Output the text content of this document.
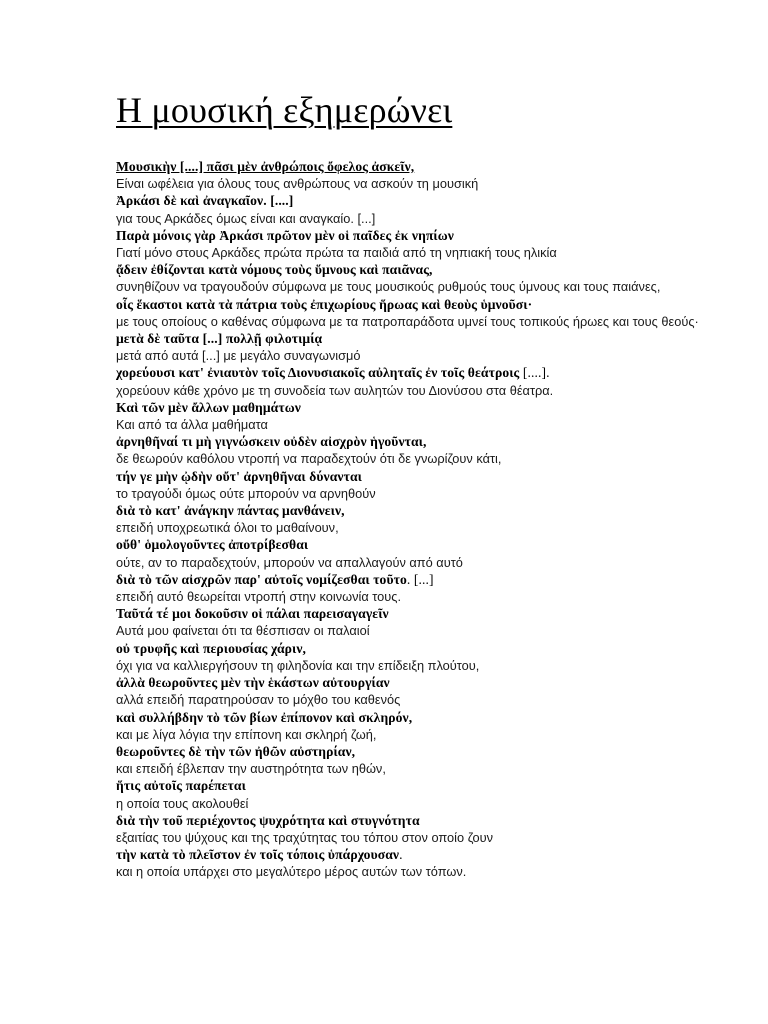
Η μουσική εξημερώνει
Μουσικὴν [....] πᾶσι μὲν ἀνθρώποις ὄφελος ἀσκεῖν,
Είναι ωφέλεια για όλους τους ανθρώπους να ασκούν τη μουσική
Ἀρκάσι δὲ καὶ ἀναγκαῖον. [....]
για τους Αρκάδες όμως είναι και αναγκαίο. [...]
Παρὰ μόνοις γὰρ Ἀρκάσι πρῶτον μὲν οἱ παῖδες ἐκ νηπίων
Γιατί μόνο στους Αρκάδες πρώτα πρώτα τα παιδιά από τη νηπιακή τους ηλικία
ᾄδειν ἐθίζονται κατὰ νόμους τοὺς ὕμνους καὶ παιᾶνας,
συνηθίζουν να τραγουδούν σύμφωνα με τους μουσικούς ρυθμούς τους ύμνους και τους παιάνες,
οἷς ἕκαστοι κατὰ τὰ πάτρια τοὺς ἐπιχωρίους ἥρωας καὶ θεοὺς ὑμνοῦσι·
με τους οποίους ο καθένας σύμφωνα με τα πατροπαράδοτα υμνεί τους τοπικούς ήρωες και τους θεούς·
μετὰ δὲ ταῦτα [...] πολλῇ φιλοτιμίᾳ
μετά από αυτά [...] με μεγάλο συναγωνισμό
χορεύουσι κατ' ἐνιαυτὸν τοῖς Διονυσιακοῖς αὐληταῖς ἐν τοῖς θεάτροις [....].
χορεύουν κάθε χρόνο με τη συνοδεία των αυλητών του Διονύσου στα θέατρα.
Καὶ τῶν μὲν ἄλλων μαθημάτων
Και από τα άλλα μαθήματα
ἀρνηθῆναί τι μὴ γιγνώσκειν οὐδὲν αἰσχρὸν ἡγοῦνται,
δε θεωρούν καθόλου ντροπή να παραδεχτούν ότι δε γνωρίζουν κάτι,
τήν γε μὴν ᾠδὴν οὔτ' ἀρνηθῆναι δύνανται
το τραγούδι όμως ούτε μπορούν να αρνηθούν
διὰ τὸ κατ' ἀνάγκην πάντας μανθάνειν,
επειδή υποχρεωτικά όλοι το μαθαίνουν,
οὔθ' ὁμολογοῦντες ἀποτρίβεσθαι
ούτε, αν το παραδεχτούν, μπορούν να απαλλαγούν από αυτό
διὰ τὸ τῶν αἰσχρῶν παρ' αὐτοῖς νομίζεσθαι τοῦτο. [...]
επειδή αυτό θεωρείται ντροπή στην κοινωνία τους.
Ταῦτά τέ μοι δοκοῦσιν οἱ πάλαι παρεισαγαγεῖν
Αυτά μου φαίνεται ότι τα θέσπισαν οι παλαιοί
οὐ τρυφῆς καὶ περιουσίας χάριν,
όχι για να καλλιεργήσουν τη φιληδονία και την επίδειξη πλούτου,
ἀλλὰ θεωροῦντες μὲν τὴν ἑκάστων αὐτουργίαν
αλλά επειδή παρατηρούσαν το μόχθο του καθενός
καὶ συλλήβδην τὸ τῶν βίων ἐπίπονον καὶ σκληρόν,
και με λίγα λόγια την επίπονη και σκληρή ζωή,
θεωροῦντες δὲ τὴν τῶν ἠθῶν αὐστηρίαν,
και επειδή έβλεπαν την αυστηρότητα των ηθών,
ἥτις αὐτοῖς παρέπεται
η οποία τους ακολουθεί
διὰ τὴν τοῦ περιέχοντος ψυχρότητα καὶ στυγνότητα
εξαιτίας του ψύχους και της τραχύτητας του τόπου στον οποίο ζουν
τὴν κατὰ τὸ πλεῖστον ἐν τοῖς τόποις ὑπάρχουσαν.
και η οποία υπάρχει στο μεγαλύτερο μέρος αυτών των τόπων.
